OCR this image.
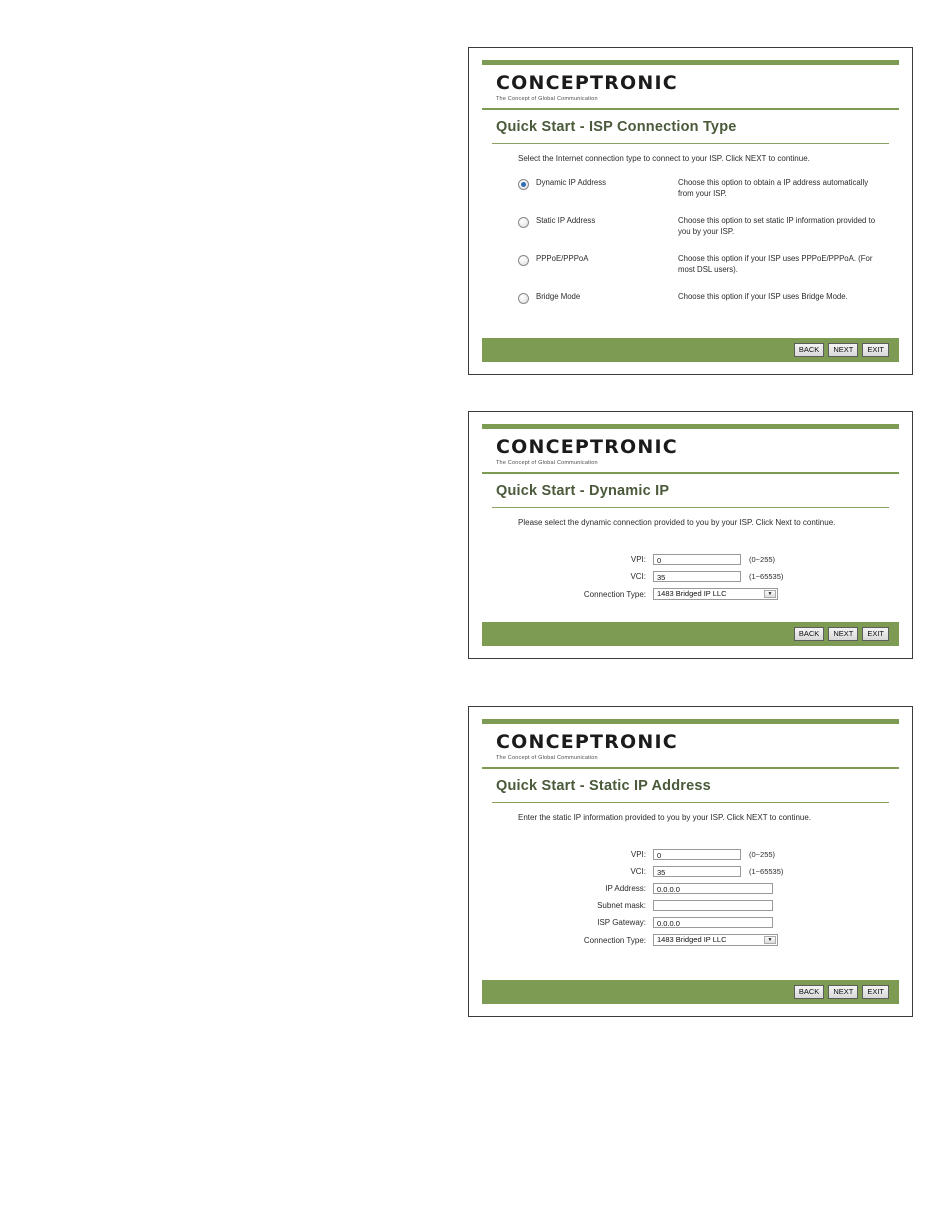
CONCEPTRONIC
The Concept of Global Communication
Quick Start - ISP Connection Type
Select the Internet connection type to connect to your ISP. Click NEXT to continue.
Dynamic IP Address	Choose this option to obtain a IP address automatically from your ISP.
Static IP Address	Choose this option to set static IP information provided to you by your ISP.
PPPoE/PPPoA	Choose this option if your ISP uses PPPoE/PPPoA. (For most DSL users).
Bridge Mode	Choose this option if your ISP uses Bridge Mode.
BACK	NEXT	EXIT
CONCEPTRONIC
The Concept of Global Communication
Quick Start - Dynamic IP
Please select the dynamic connection provided to you by your ISP. Click Next to continue.
VPI:	0	(0~255)
VCI:	35	(1~65535)
Connection Type:	1483 Bridged IP LLC	▼
BACK	NEXT	EXIT
CONCEPTRONIC
The Concept of Global Communication
Quick Start - Static IP Address
Enter the static IP information provided to you by your ISP. Click NEXT to continue.
VPI:	0	(0~255)
VCI:	35	(1~65535)
IP Address:	0.0.0.0
Subnet mask:
ISP Gateway:	0.0.0.0
Connection Type:	1483 Bridged IP LLC	▼
BACK	NEXT	EXIT
